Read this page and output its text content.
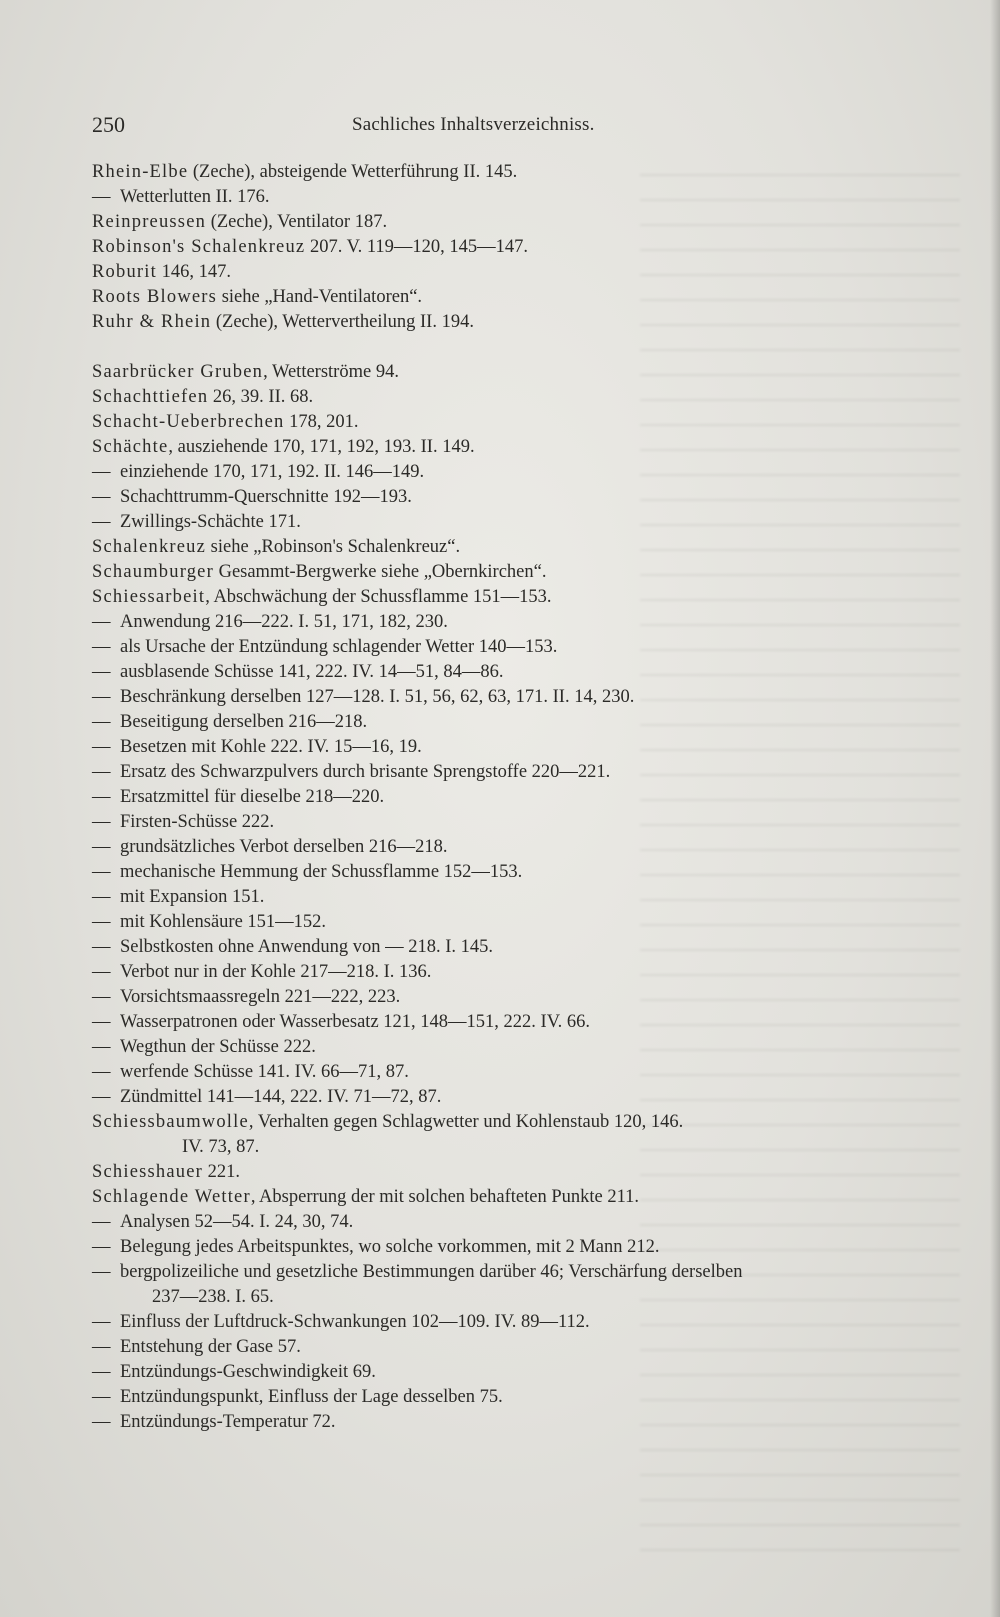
250	Sachliches Inhaltsverzeichniss.
Rhein-Elbe (Zeche), absteigende Wetterführung II. 145.
— Wetterlutten II. 176.
Reinpreussen (Zeche), Ventilator 187.
Robinson's Schalenkreuz 207. V. 119—120, 145—147.
Roburit 146, 147.
Roots Blowers siehe „Hand-Ventilatoren“.
Ruhr & Rhein (Zeche), Wettervertheilung II. 194.
Saarbrücker Gruben, Wetterströme 94.
Schachttiefen 26, 39. II. 68.
Schacht-Ueberbrechen 178, 201.
Schächte, ausziehende 170, 171, 192, 193. II. 149.
— einziehende 170, 171, 192. II. 146—149.
— Schachttrumm-Querschnitte 192—193.
— Zwillings-Schächte 171.
Schalenkreuz siehe „Robinson's Schalenkreuz“.
Schaumburger Gesammt-Bergwerke siehe „Obernkirchen“.
Schiessarbeit, Abschwächung der Schussflamme 151—153.
— Anwendung 216—222. I. 51, 171, 182, 230.
— als Ursache der Entzündung schlagender Wetter 140—153.
— ausblasende Schüsse 141, 222. IV. 14—51, 84—86.
— Beschränkung derselben 127—128. I. 51, 56, 62, 63, 171. II. 14, 230.
— Beseitigung derselben 216—218.
— Besetzen mit Kohle 222. IV. 15—16, 19.
— Ersatz des Schwarzpulvers durch brisante Sprengstoffe 220—221.
— Ersatzmittel für dieselbe 218—220.
— Firsten-Schüsse 222.
— grundsätzliches Verbot derselben 216—218.
— mechanische Hemmung der Schussflamme 152—153.
— mit Expansion 151.
— mit Kohlensäure 151—152.
— Selbstkosten ohne Anwendung von — 218. I. 145.
— Verbot nur in der Kohle 217—218. I. 136.
— Vorsichtsmaassregeln 221—222, 223.
— Wasserpatronen oder Wasserbesatz 121, 148—151, 222. IV. 66.
— Wegthun der Schüsse 222.
— werfende Schüsse 141. IV. 66—71, 87.
— Zündmittel 141—144, 222. IV. 71—72, 87.
Schiessbaumwolle, Verhalten gegen Schlagwetter und Kohlenstaub 120, 146.
IV. 73, 87.
Schiesshauer 221.
Schlagende Wetter, Absperrung der mit solchen behafteten Punkte 211.
— Analysen 52—54. I. 24, 30, 74.
— Belegung jedes Arbeitspunktes, wo solche vorkommen, mit 2 Mann 212.
— bergpolizeiliche und gesetzliche Bestimmungen darüber 46; Verschärfung derselben
237—238. I. 65.
— Einfluss der Luftdruck-Schwankungen 102—109. IV. 89—112.
— Entstehung der Gase 57.
— Entzündungs-Geschwindigkeit 69.
— Entzündungspunkt, Einfluss der Lage desselben 75.
— Entzündungs-Temperatur 72.
